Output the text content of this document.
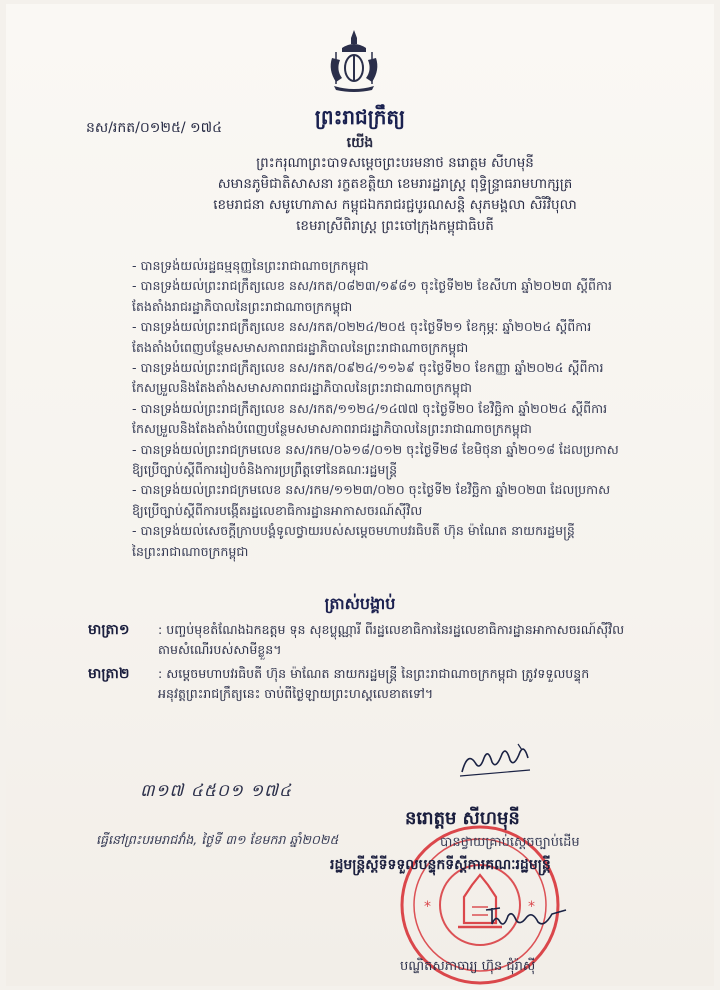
ព្រះរាជក្រឹត្យ
នស/រកត/០១២៥/ ១៧៤
យើង
ព្រះករុណាព្រះបាទសម្ដេចព្រះបរមនាថ នរោត្តម សីហមុនី
សមានភូមិជាតិសាសនា រក្ខតខត្តិយា ខេមរារដ្ឋរាស្ដ្រ ពុទ្ធិន្រ្ទាធរាមហាក្សត្រ
ខេមរាជនា សមូហោភាស កម្ពុជឯករាជរជ្ជបូរណសន្តិ សុភមង្គលា សិរីវិបុលា
ខេមរាស្រីពិរាស្ដ្រ ព្រះចៅក្រុងកម្ពុជាធិបតី
- បានទ្រង់យល់រដ្ឋធម្មនុញ្ញនៃព្រះរាជាណាចក្រកម្ពុជា
- បានទ្រង់យល់ព្រះរាជក្រឹត្យលេខ នស/រកត/០៨២៣/១៩៨១ ចុះថ្ងៃទី២២ ខែសីហា ឆ្នាំ២០២៣ ស្ដីពីការ
តែងតាំងរាជរដ្ឋាភិបាលនៃព្រះរាជាណាចក្រកម្ពុជា
- បានទ្រង់យល់ព្រះរាជក្រឹត្យលេខ នស/រកត/០២២៤/២០៥ ចុះថ្ងៃទី២១ ខែកុម្ភៈ ឆ្នាំ២០២៤ ស្ដីពីការ
តែងតាំងបំពេញបន្ថែមសមាសភាពរាជរដ្ឋាភិបាលនៃព្រះរាជាណាចក្រកម្ពុជា
- បានទ្រង់យល់ព្រះរាជក្រឹត្យលេខ នស/រកត/០៩២៤/១១៦៩ ចុះថ្ងៃទី២០ ខែកញ្ញា ឆ្នាំ២០២៤ ស្ដីពីការ
កែសម្រួលនិងតែងតាំងសមាសភាពរាជរដ្ឋាភិបាលនៃព្រះរាជាណាចក្រកម្ពុជា
- បានទ្រង់យល់ព្រះរាជក្រឹត្យលេខ នស/រកត/១១២៤/១៤៧៧ ចុះថ្ងៃទី២០ ខែវិច្ឆិកា ឆ្នាំ២០២៤ ស្ដីពីការ
កែសម្រួលនិងតែងតាំងបំពេញបន្ថែមសមាសភាពរាជរដ្ឋាភិបាលនៃព្រះរាជាណាចក្រកម្ពុជា
- បានទ្រង់យល់ព្រះរាជក្រមលេខ នស/រកម/០៦១៨/០១២ ចុះថ្ងៃទី២៨ ខែមិថុនា ឆ្នាំ២០១៨ ដែលប្រកាស
ឱ្យប្រើច្បាប់ស្ដីពីការរៀបចំនិងការប្រព្រឹត្តទៅនៃគណៈរដ្ឋមន្ត្រី
- បានទ្រង់យល់ព្រះរាជក្រមលេខ នស/រកម/១១២៣/០២០ ចុះថ្ងៃទី២ ខែវិច្ឆិកា ឆ្នាំ២០២៣ ដែលប្រកាស
ឱ្យប្រើច្បាប់ស្ដីពីការបង្កើតរដ្ឋលេខាធិការដ្ឋានអាកាសចរណ៍ស៊ីវិល
- បានទ្រង់យល់សេចក្ដីក្រាបបង្គំទូលថ្វាយរបស់សម្ដេចមហាបវរធិបតី ហ៊ុន ម៉ាណែត នាយករដ្ឋមន្ត្រី
នៃព្រះរាជាណាចក្រកម្ពុជា
ត្រាស់បង្គាប់
មាត្រា១ : បញ្ចប់មុខតំណែងឯកឧត្ដម ទុន សុខប្លុណ្ណារី ពីរដ្ឋលេខាធិការនៃរដ្ឋលេខាធិការដ្ឋានអាកាសចរណ៍ស៊ីវិល
តាមសំណើរបស់សាមីខ្លួន។
មាត្រា២ : សម្ដេចមហាបវរធិបតី ហ៊ុន ម៉ាណែត នាយករដ្ឋមន្ត្រី នៃព្រះរាជាណាចក្រកម្ពុជា ត្រូវទទួលបន្ទុក
អនុវត្តព្រះរាជក្រឹត្យនេះ ចាប់ពីថ្ងៃឡាយព្រះហស្តលេខាតទៅ។
៣១៧ ៤៥០១ ១៧៤
ធ្វើនៅព្រះបរមរាជវាំង, ថ្ងៃទី ៣១ ខែមករា ឆ្នាំ២០២៥
*	*
នរោត្តម សីហមុនី
បានថ្វាយគ្រាប់ស្ដេចច្បាប់ដើម
រដ្ឋមន្ត្រីស្ដីទីទទួលបន្ទុកទីស្ដីការគណៈរដ្ឋមន្ត្រី
បណ្ឌិតសភាចារ្យ ហ៊ុន ជុំរ៉ាស៊ី
